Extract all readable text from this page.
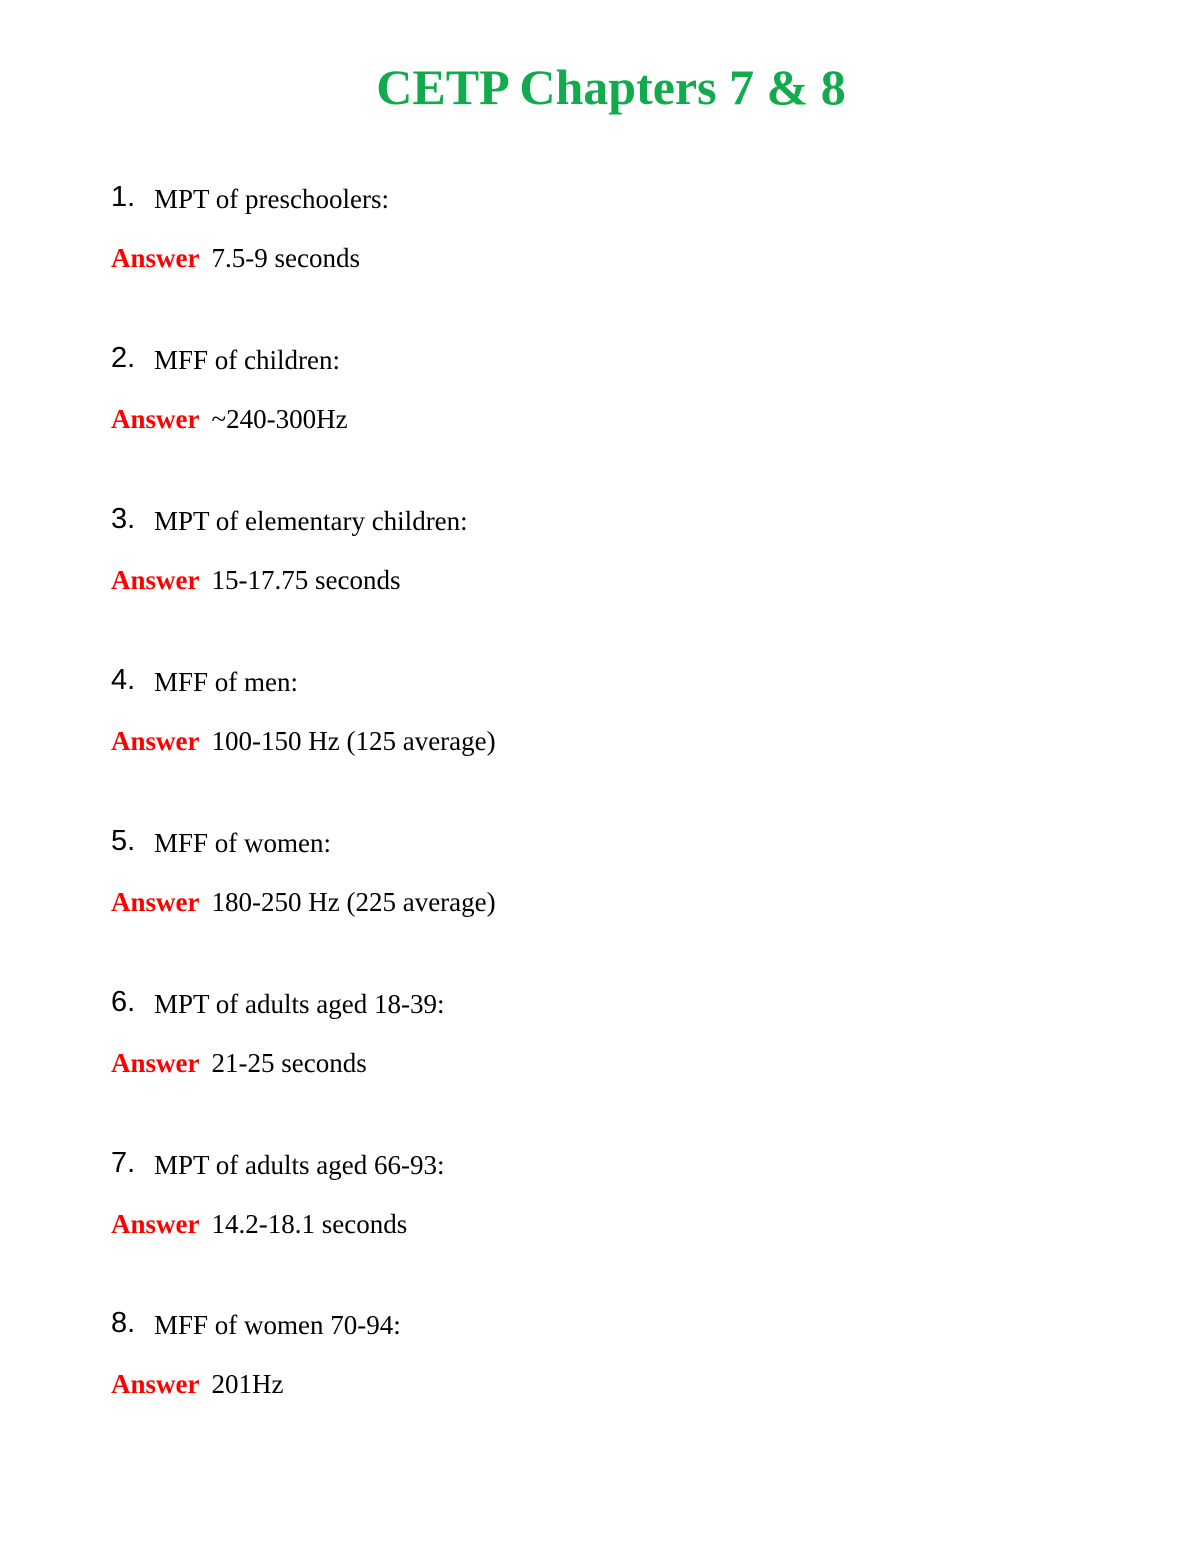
CETP Chapters 7 & 8
1. MPT of preschoolers:
Answer 7.5-9 seconds
2. MFF of children:
Answer ~240-300Hz
3. MPT of elementary children:
Answer 15-17.75 seconds
4. MFF of men:
Answer 100-150 Hz (125 average)
5. MFF of women:
Answer 180-250 Hz (225 average)
6. MPT of adults aged 18-39:
Answer 21-25 seconds
7. MPT of adults aged 66-93:
Answer 14.2-18.1 seconds
8. MFF of women 70-94:
Answer 201Hz
